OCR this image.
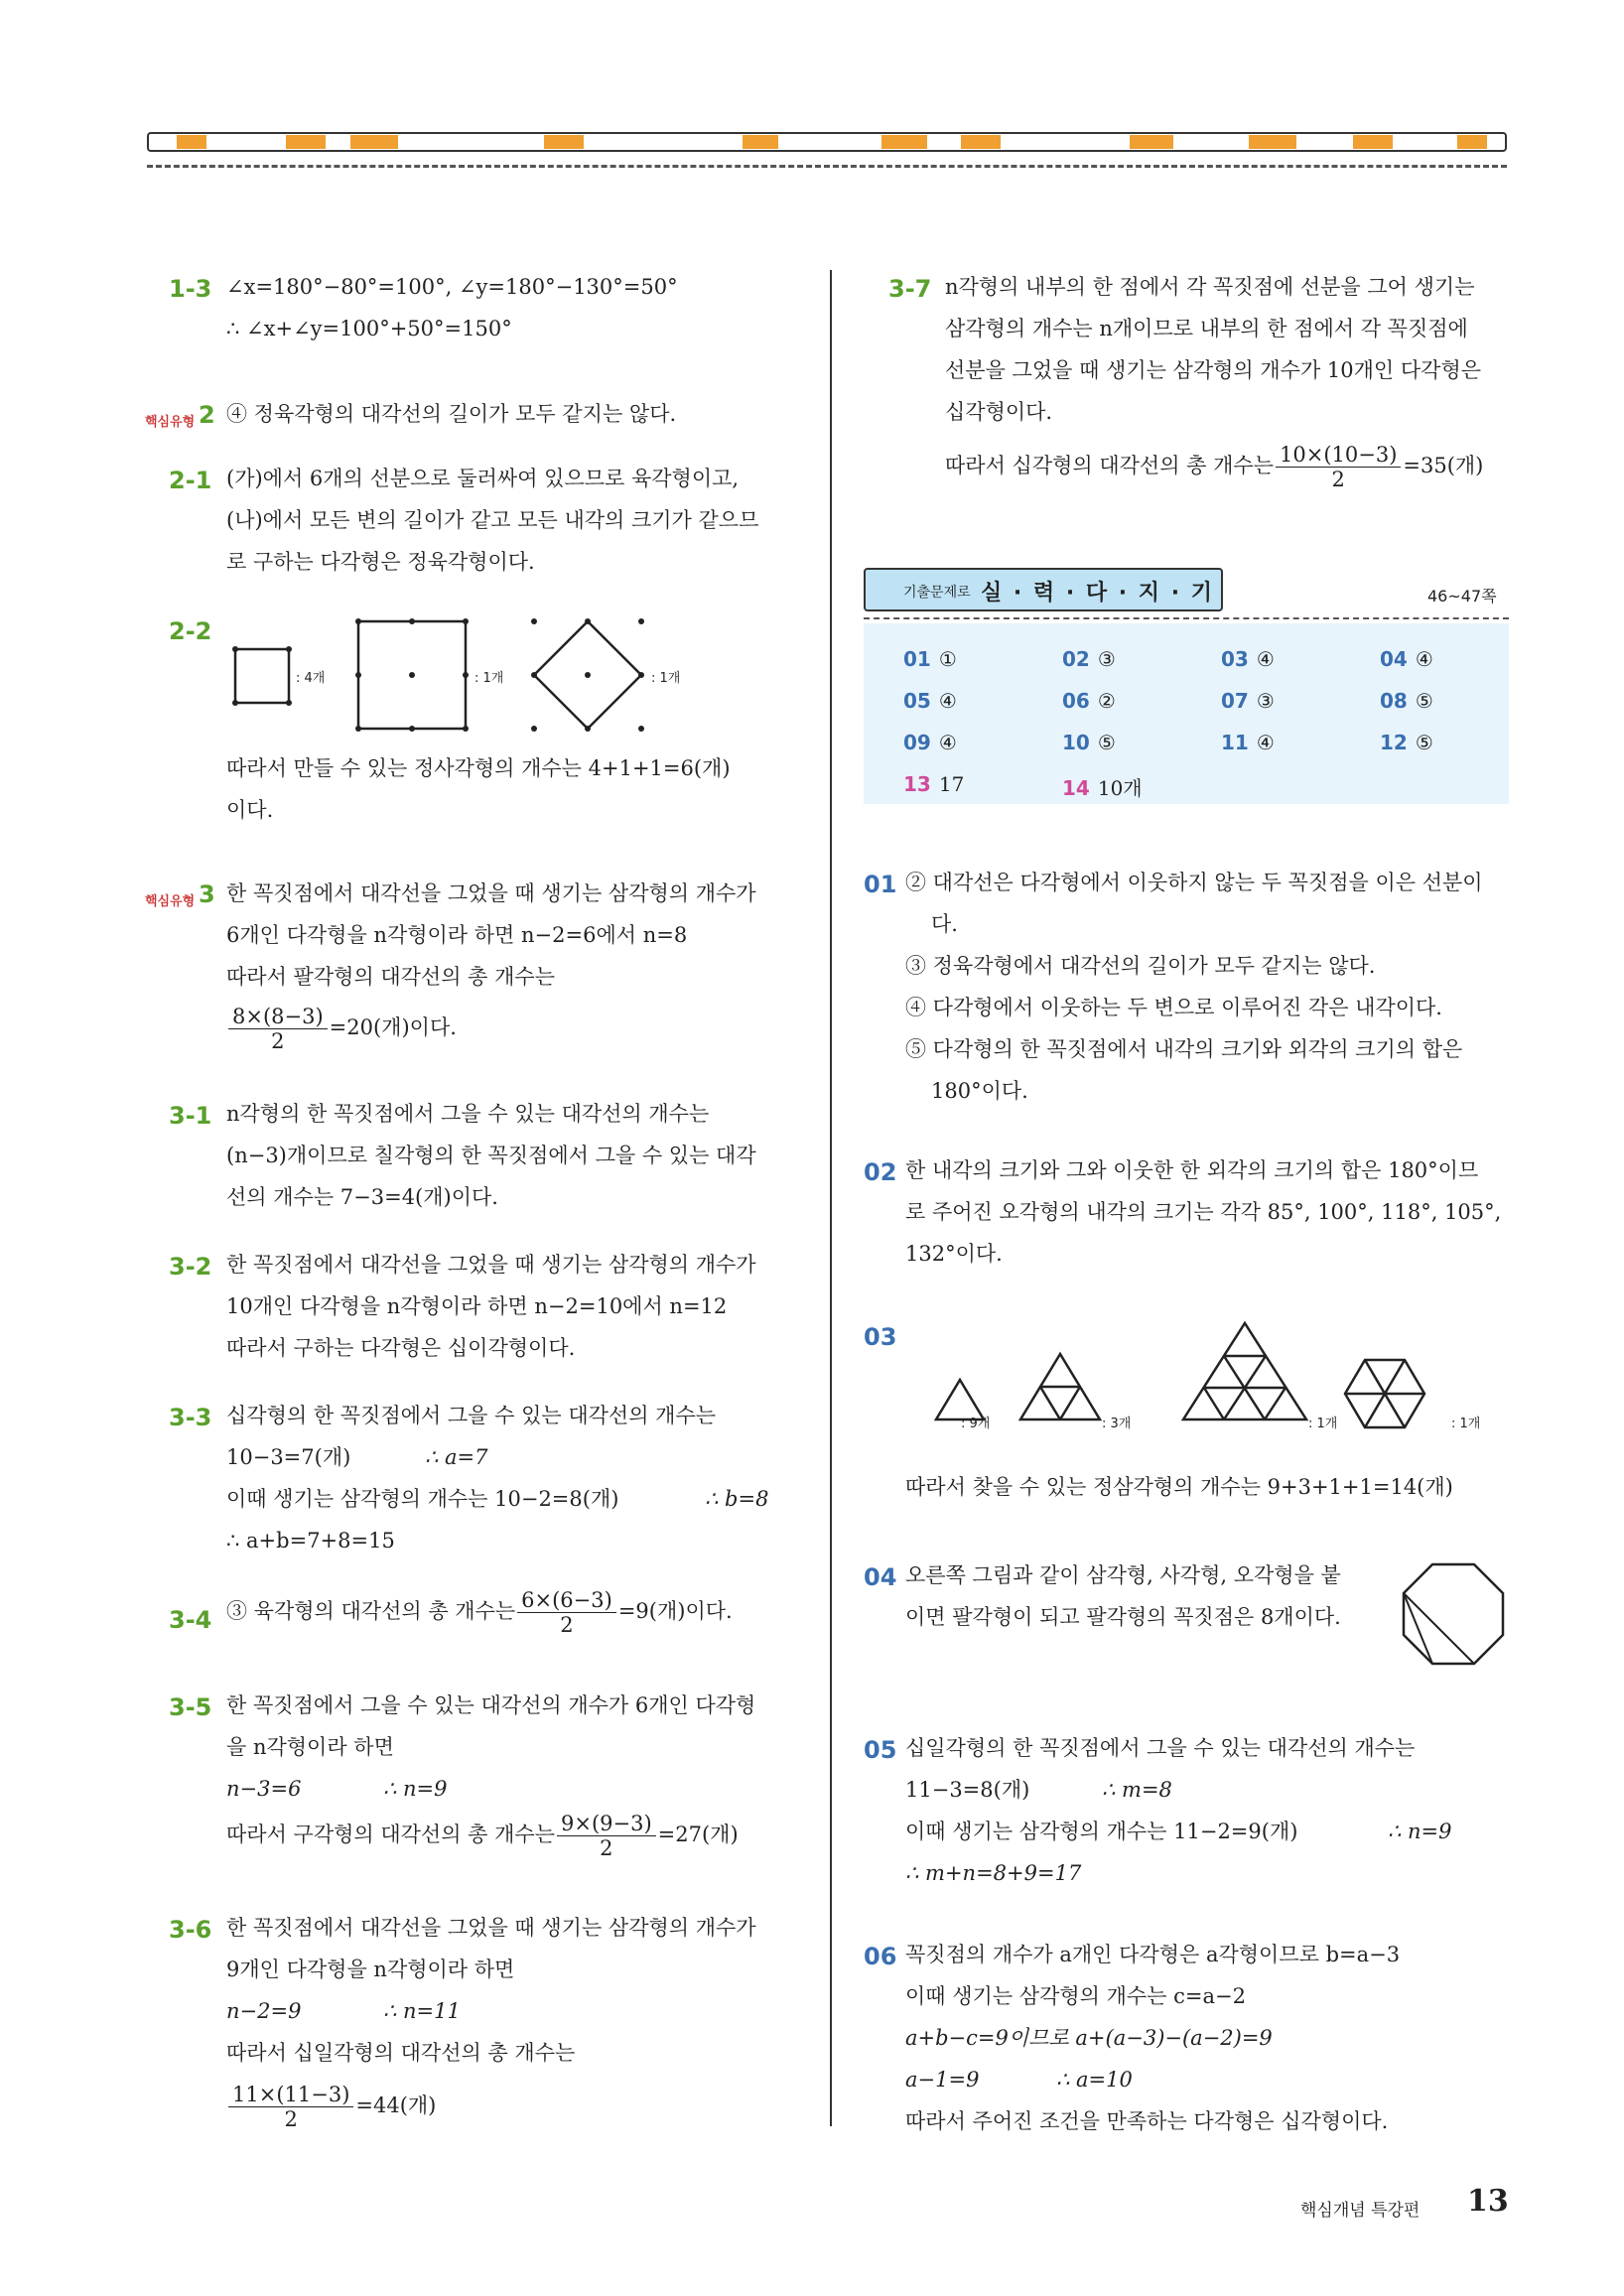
1-3 ∠x=180°−80°=100°, ∠y=180°−130°=50°
∴ ∠x+∠y=100°+50°=150°
핵심유형 2 ④ 정육각형의 대각선의 길이가 모두 같지는 않다.
2-1 (가)에서 6개의 선분으로 둘러싸여 있으므로 육각형이고,
(나)에서 모든 변의 길이가 같고 모든 내각의 크기가 같으므
로 구하는 다각형은 정육각형이다.
2-2
: 4개	: 1개	: 1개
따라서 만들 수 있는 정사각형의 개수는 4+1+1=6(개)
이다.
핵심유형 3 한 꼭짓점에서 대각선을 그었을 때 생기는 삼각형의 개수가
6개인 다각형을 n각형이라 하면 n−2=6에서 n=8
따라서 팔각형의 대각선의 총 개수는
$\frac{8\times(8-3)}{2} =20$(개)이다.
3-1 n각형의 한 꼭짓점에서 그을 수 있는 대각선의 개수는
(n−3)개이므로 칠각형의 한 꼭짓점에서 그을 수 있는 대각
선의 개수는 7−3=4(개)이다.
3-2 한 꼭짓점에서 대각선을 그었을 때 생기는 삼각형의 개수가
10개인 다각형을 n각형이라 하면 n−2=10에서 n=12
따라서 구하는 다각형은 십이각형이다.
3-3 십각형의 한 꼭짓점에서 그을 수 있는 대각선의 개수는
10−3=7(개)	∴ a=7
이때 생기는 삼각형의 개수는 10−2=8(개)	∴ b=8
∴ a+b=7+8=15
3-4 ③ 육각형의 대각선의 총 개수는 $\frac{6\times(6-3)}{2} =9$(개)이다.
3-5 한 꼭짓점에서 그을 수 있는 대각선의 개수가 6개인 다각형
을 n각형이라 하면
n−3=6	∴ n=9
따라서 구각형의 대각선의 총 개수는 $\frac{9\times(9-3)}{2} =27$(개)
3-6 한 꼭짓점에서 대각선을 그었을 때 생기는 삼각형의 개수가
9개인 다각형을 n각형이라 하면
n−2=9	∴ n=11
따라서 십일각형의 대각선의 총 개수는
$\frac{11\times(11-3)}{2} =44$(개)
3-7 n각형의 내부의 한 점에서 각 꼭짓점에 선분을 그어 생기는
삼각형의 개수는 n개이므로 내부의 한 점에서 각 꼭짓점에
선분을 그었을 때 생기는 삼각형의 개수가 10개인 다각형은
십각형이다.
따라서 십각형의 대각선의 총 개수는 $\frac{10\times(10-3)}{2} =35$(개)
기출문제로 실 · 력 · 다 · 지 · 기	46~47쪽
01 ①	02 ③	03 ④	04 ④
05 ④	06 ②	07 ③	08 ⑤
09 ④	10 ⑤	11 ④	12 ⑤
13 17	14 10개
01 ② 대각선은 다각형에서 이웃하지 않는 두 꼭짓점을 이은 선분이
다.
③ 정육각형에서 대각선의 길이가 모두 같지는 않다.
④ 다각형에서 이웃하는 두 변으로 이루어진 각은 내각이다.
⑤ 다각형의 한 꼭짓점에서 내각의 크기와 외각의 크기의 합은
180°이다.
02 한 내각의 크기와 그와 이웃한 한 외각의 크기의 합은 180°이므
로 주어진 오각형의 내각의 크기는 각각 85°, 100°, 118°, 105°,
132°이다.
03
: 9개	: 3개	: 1개	: 1개
따라서 찾을 수 있는 정삼각형의 개수는 9+3+1+1=14(개)
04 오른쪽 그림과 같이 삼각형, 사각형, 오각형을 붙
이면 팔각형이 되고 팔각형의 꼭짓점은 8개이다.
05 십일각형의 한 꼭짓점에서 그을 수 있는 대각선의 개수는
11−3=8(개)	∴ m=8
이때 생기는 삼각형의 개수는 11−2=9(개)	∴ n=9
∴ m+n=8+9=17
06 꼭짓점의 개수가 a개인 다각형은 a각형이므로 b=a−3
이때 생기는 삼각형의 개수는 c=a−2
a+b−c=9이므로 a+(a−3)−(a−2)=9
a−1=9	∴ a=10
따라서 주어진 조건을 만족하는 다각형은 십각형이다.
핵심개념 특강편 13
